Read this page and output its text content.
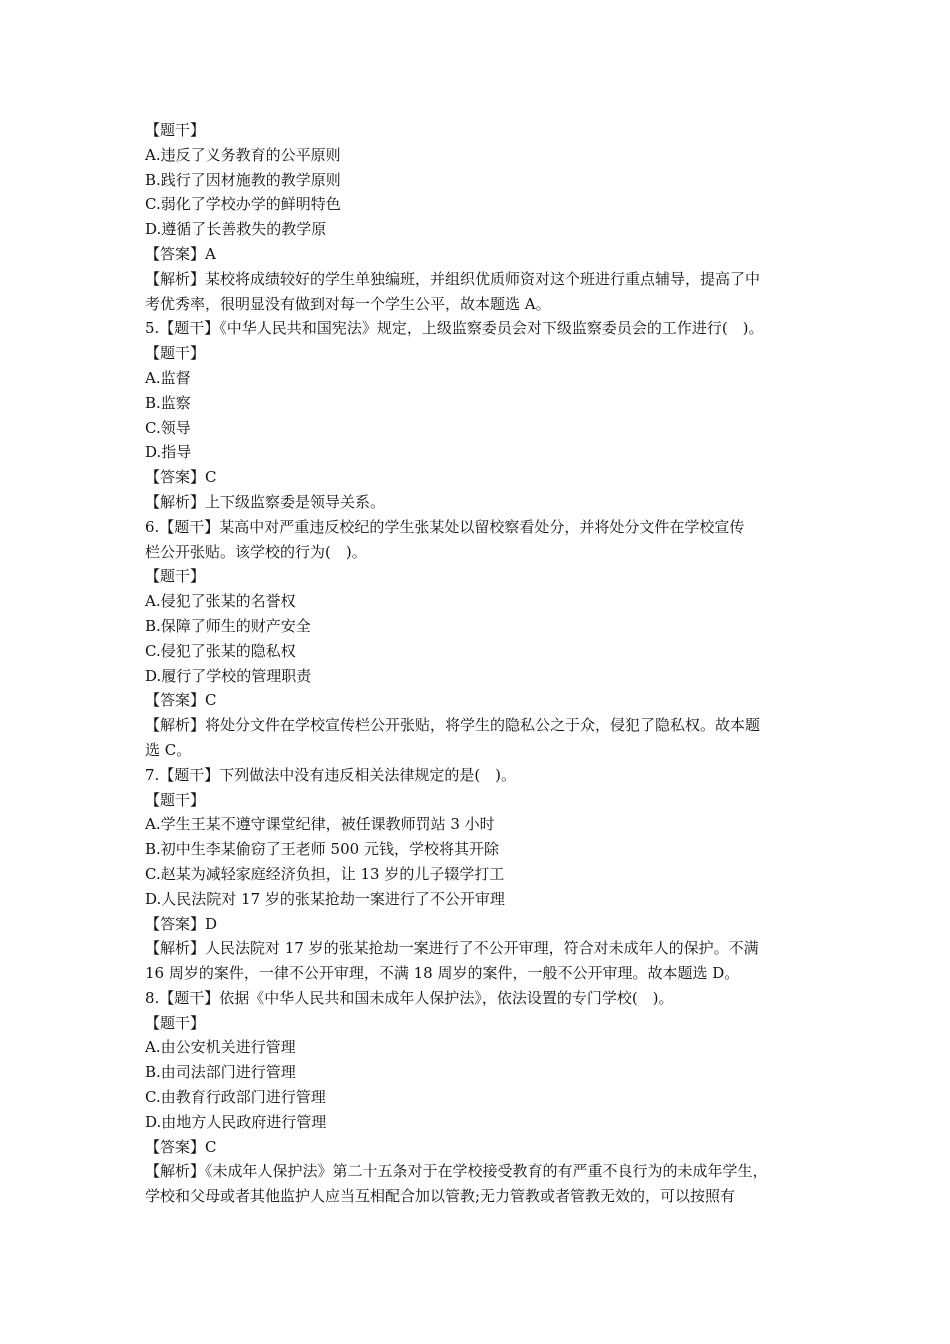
【题干】
A.违反了义务教育的公平原则
B.践行了因材施教的教学原则
C.弱化了学校办学的鲜明特色
D.遵循了长善救失的教学原
【答案】A
【解析】某校将成绩较好的学生单独编班，并组织优质师资对这个班进行重点辅导，提高了中
考优秀率，很明显没有做到对每一个学生公平，故本题选 A。
5.【题干】《中华人民共和国宪法》规定，上级监察委员会对下级监察委员会的工作进行(　)。
【题干】
A.监督
B.监察
C.领导
D.指导
【答案】C
【解析】上下级监察委是领导关系。
6.【题干】某高中对严重违反校纪的学生张某处以留校察看处分，并将处分文件在学校宣传
栏公开张贴。该学校的行为(　)。
【题干】
A.侵犯了张某的名誉权
B.保障了师生的财产安全
C.侵犯了张某的隐私权
D.履行了学校的管理职责
【答案】C
【解析】将处分文件在学校宣传栏公开张贴，将学生的隐私公之于众，侵犯了隐私权。故本题
选 C。
7.【题干】下列做法中没有违反相关法律规定的是(　)。
【题干】
A.学生王某不遵守课堂纪律，被任课教师罚站 3 小时
B.初中生李某偷窃了王老师 500 元钱，学校将其开除
C.赵某为减轻家庭经济负担，让 13 岁的儿子辍学打工
D.人民法院对 17 岁的张某抢劫一案进行了不公开审理
【答案】D
【解析】人民法院对 17 岁的张某抢劫一案进行了不公开审理，符合对未成年人的保护。不满
16 周岁的案件，一律不公开审理，不满 18 周岁的案件，一般不公开审理。故本题选 D。
8.【题干】依据《中华人民共和国未成年人保护法》，依法设置的专门学校(　)。
【题干】
A.由公安机关进行管理
B.由司法部门进行管理
C.由教育行政部门进行管理
D.由地方人民政府进行管理
【答案】C
【解析】《未成年人保护法》第二十五条对于在学校接受教育的有严重不良行为的未成年学生，
学校和父母或者其他监护人应当互相配合加以管教;无力管教或者管教无效的，可以按照有
